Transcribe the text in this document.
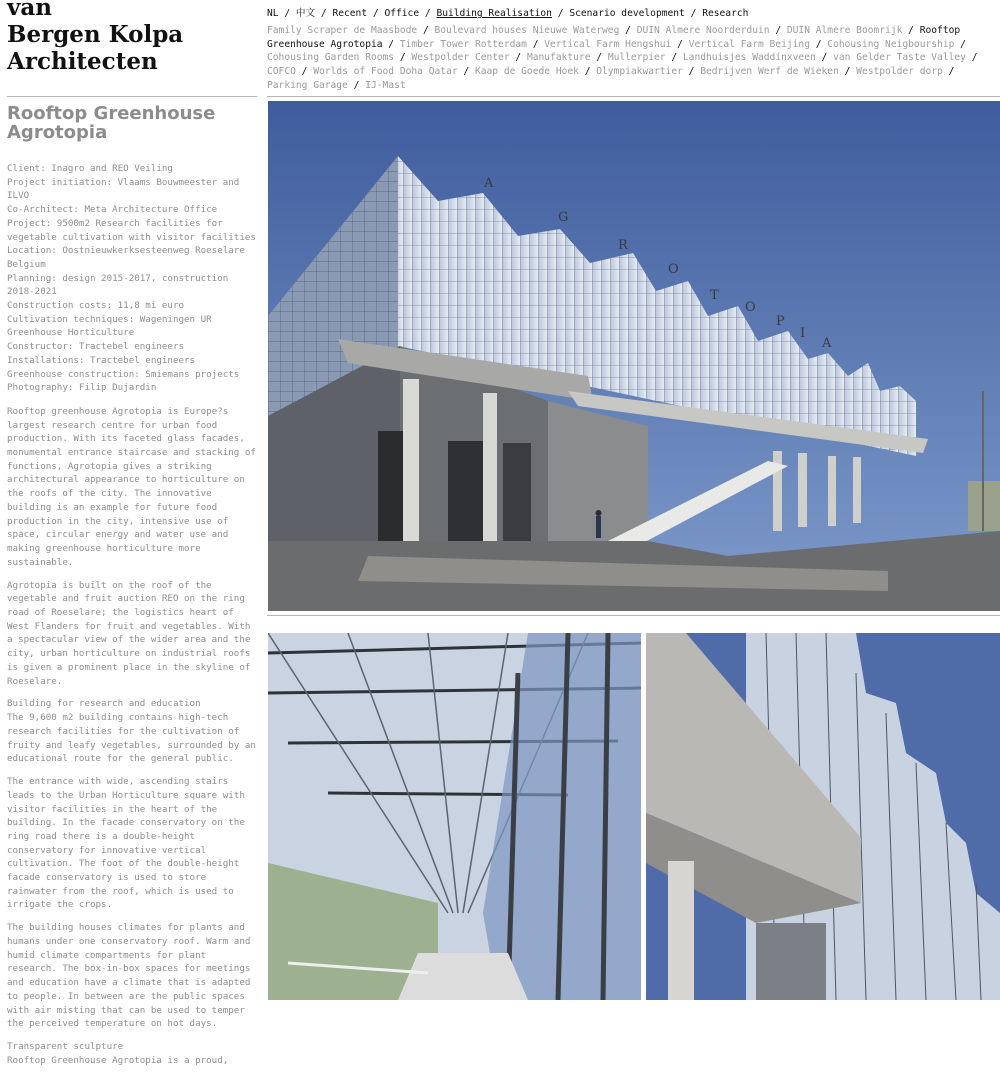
van
Bergen Kolpa
Architecten
NL / 中文 / Recent / Office / Building Realisation / Scenario development / Research
Family Scraper de Maasbode / Boulevard houses Nieuwe Waterweg / DUIN Almere Noorderduin / DUIN Almere Boomrijk / Rooftop Greenhouse Agrotopia / Timber Tower Rotterdam / Vertical Farm Hengshui / Vertical Farm Beijing / Cohousing Neigbourship / Cohousing Garden Rooms / Westpolder Center / Manufakture / Mullerpier / Landhuisjes Waddinxveen / van Gelder Taste Valley / COFCO / Worlds of Food Doha Qatar / Kaap de Goede Hoek / Olympiakwartier / Bedrijven Werf de Wieken / Westpolder dorp / Parking Garage / IJ-Mast
Rooftop Greenhouse
Agrotopia
Client: Inagro and REO Veiling
Project initiation: Vlaams Bouwmeester and ILVO
Co-Architect: Meta Architecture Office
Project: 9500m2 Research facilities for vegetable cultivation with visitor facilities
Location: Oostnieuwkerksesteenweg Roeselare Belgium
Planning: design 2015-2017, construction 2018-2021
Construction costs: 11,8 mi euro
Cultivation techniques: Wageningen UR Greenhouse Horticulture
Constructor: Tractebel engineers
Installations: Tractebel engineers
Greenhouse construction: Smiemans projects
Photography: Filip Dujardin

Rooftop greenhouse Agrotopia is Europe?s largest research centre for urban food production. With its faceted glass facades, monumental entrance staircase and stacking of functions, Agrotopia gives a striking architectural appearance to horticulture on the roofs of the city. The innovative building is an example for future food production in the city, intensive use of space, circular energy and water use and making greenhouse horticulture more sustainable.

Agrotopia is built on the roof of the vegetable and fruit auction REO on the ring road of Roeselare; the logistics heart of West Flanders for fruit and vegetables. With a spectacular view of the wider area and the city, urban horticulture on industrial roofs is given a prominent place in the skyline of Roeselare.

Building for research and education
The 9,600 m2 building contains high-tech research facilities for the cultivation of fruity and leafy vegetables, surrounded by an educational route for the general public.

The entrance with wide, ascending stairs leads to the Urban Horticulture square with visitor facilities in the heart of the building. In the facade conservatory on the ring road there is a double-height conservatory for innovative vertical cultivation. The foot of the double-height facade conservatory is used to store rainwater from the roof, which is used to irrigate the crops.

The building houses climates for plants and humans under one conservatory roof. Warm and humid climate compartments for plant research. The box-in-box spaces for meetings and education have a climate that is adapted to people. In between are the public spaces with air misting that can be used to temper the perceived temperature on hot days.

Transparent sculpture
Rooftop Greenhouse Agrotopia is a proud,

A
G
R
O
T
O
P
I
A
